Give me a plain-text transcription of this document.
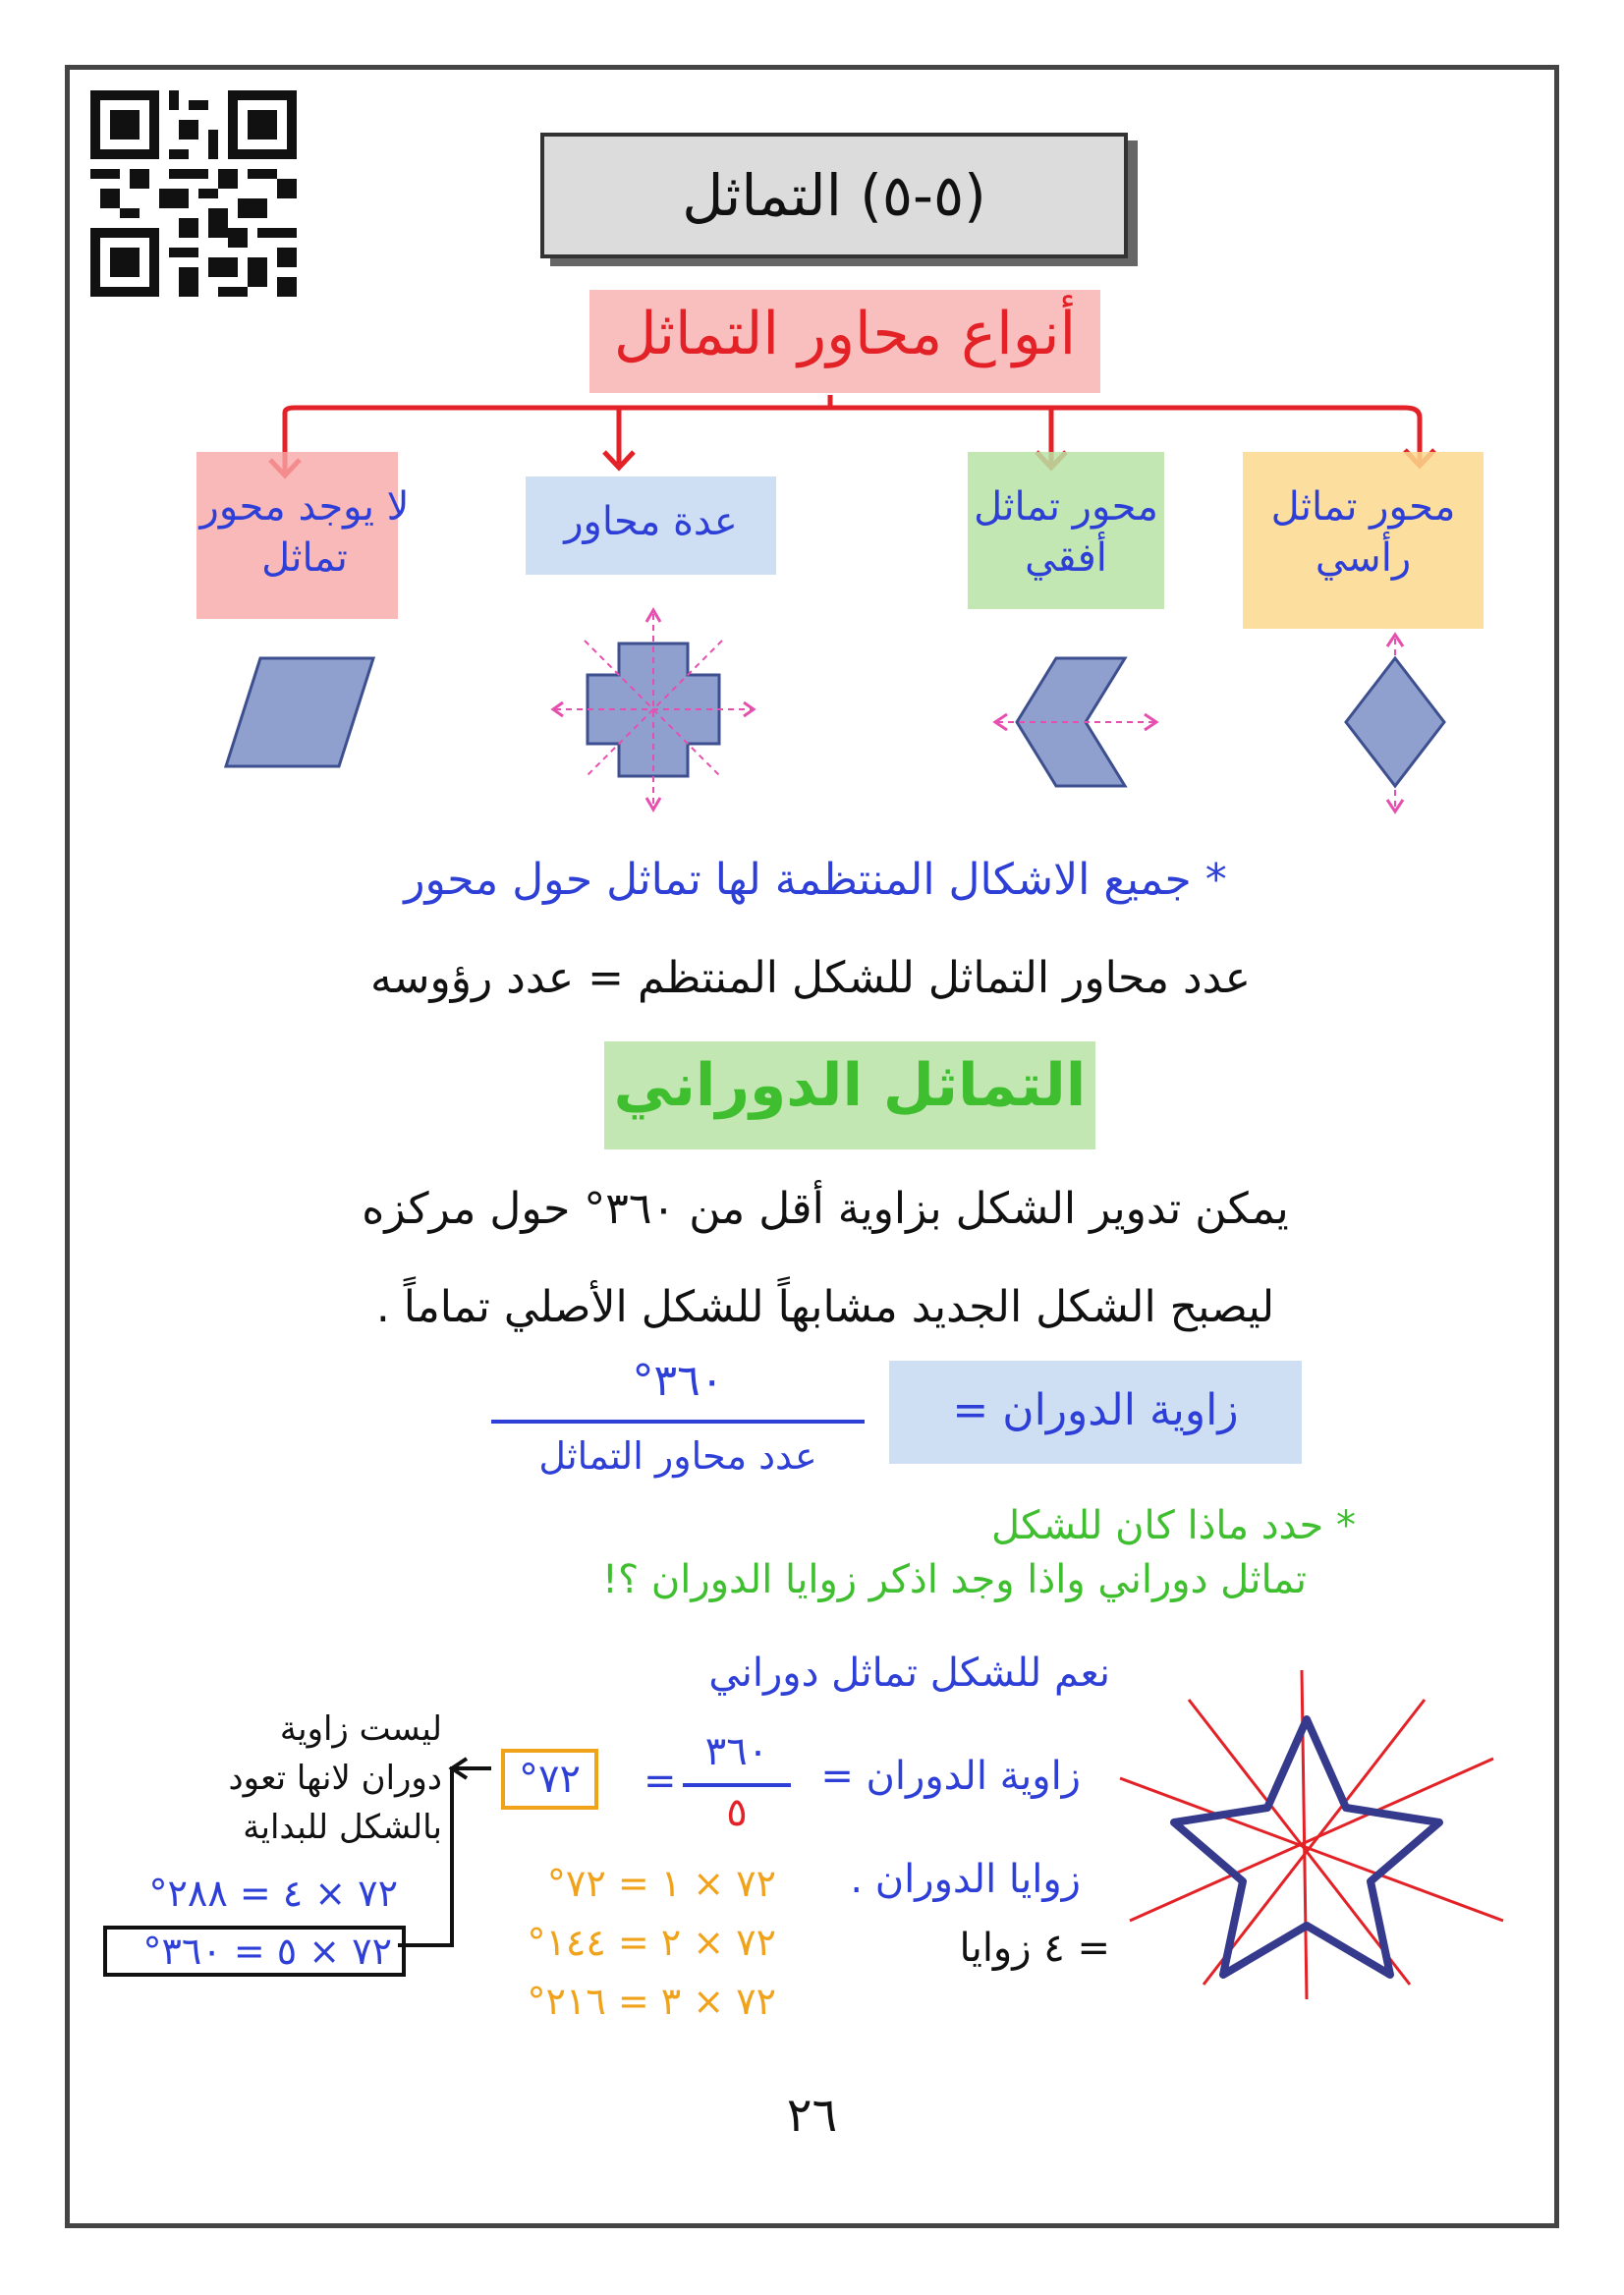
(٥-٥) التماثل
أنواع محاور التماثل
محور تماثل
رأسي
محور تماثل
أفقي
عدة محاور
لا يوجد محور
تماثل
* جميع الاشكال المنتظمة لها تماثل حول محور
عدد محاور التماثل للشكل المنتظم = عدد رؤوسه
التماثل الدوراني
يمكن تدوير الشكل بزاوية أقل من ٣٦٠° حول مركزه
ليصبح الشكل الجديد مشابهاً للشكل الأصلي تماماً .
زاوية الدوران =
٣٦٠°
عدد محاور التماثل
* حدد ماذا كان للشكل
تماثل دوراني واذا وجد اذكر زوايا الدوران ؟!
نعم للشكل تماثل دوراني
زاوية الدوران =
٣٦٠
٥
=
٧٢°
زوايا الدوران .
= ٤ زوايا
٧٢ × ١ = ٧٢°
٧٢ × ٢ = ١٤٤°
٧٢ × ٣ = ٢١٦°
ليست زاوية
دوران لانها تعود
بالشكل للبداية
٧٢ × ٤ = ٢٨٨°
٧٢ × ٥ = ٣٦٠°
٢٦
